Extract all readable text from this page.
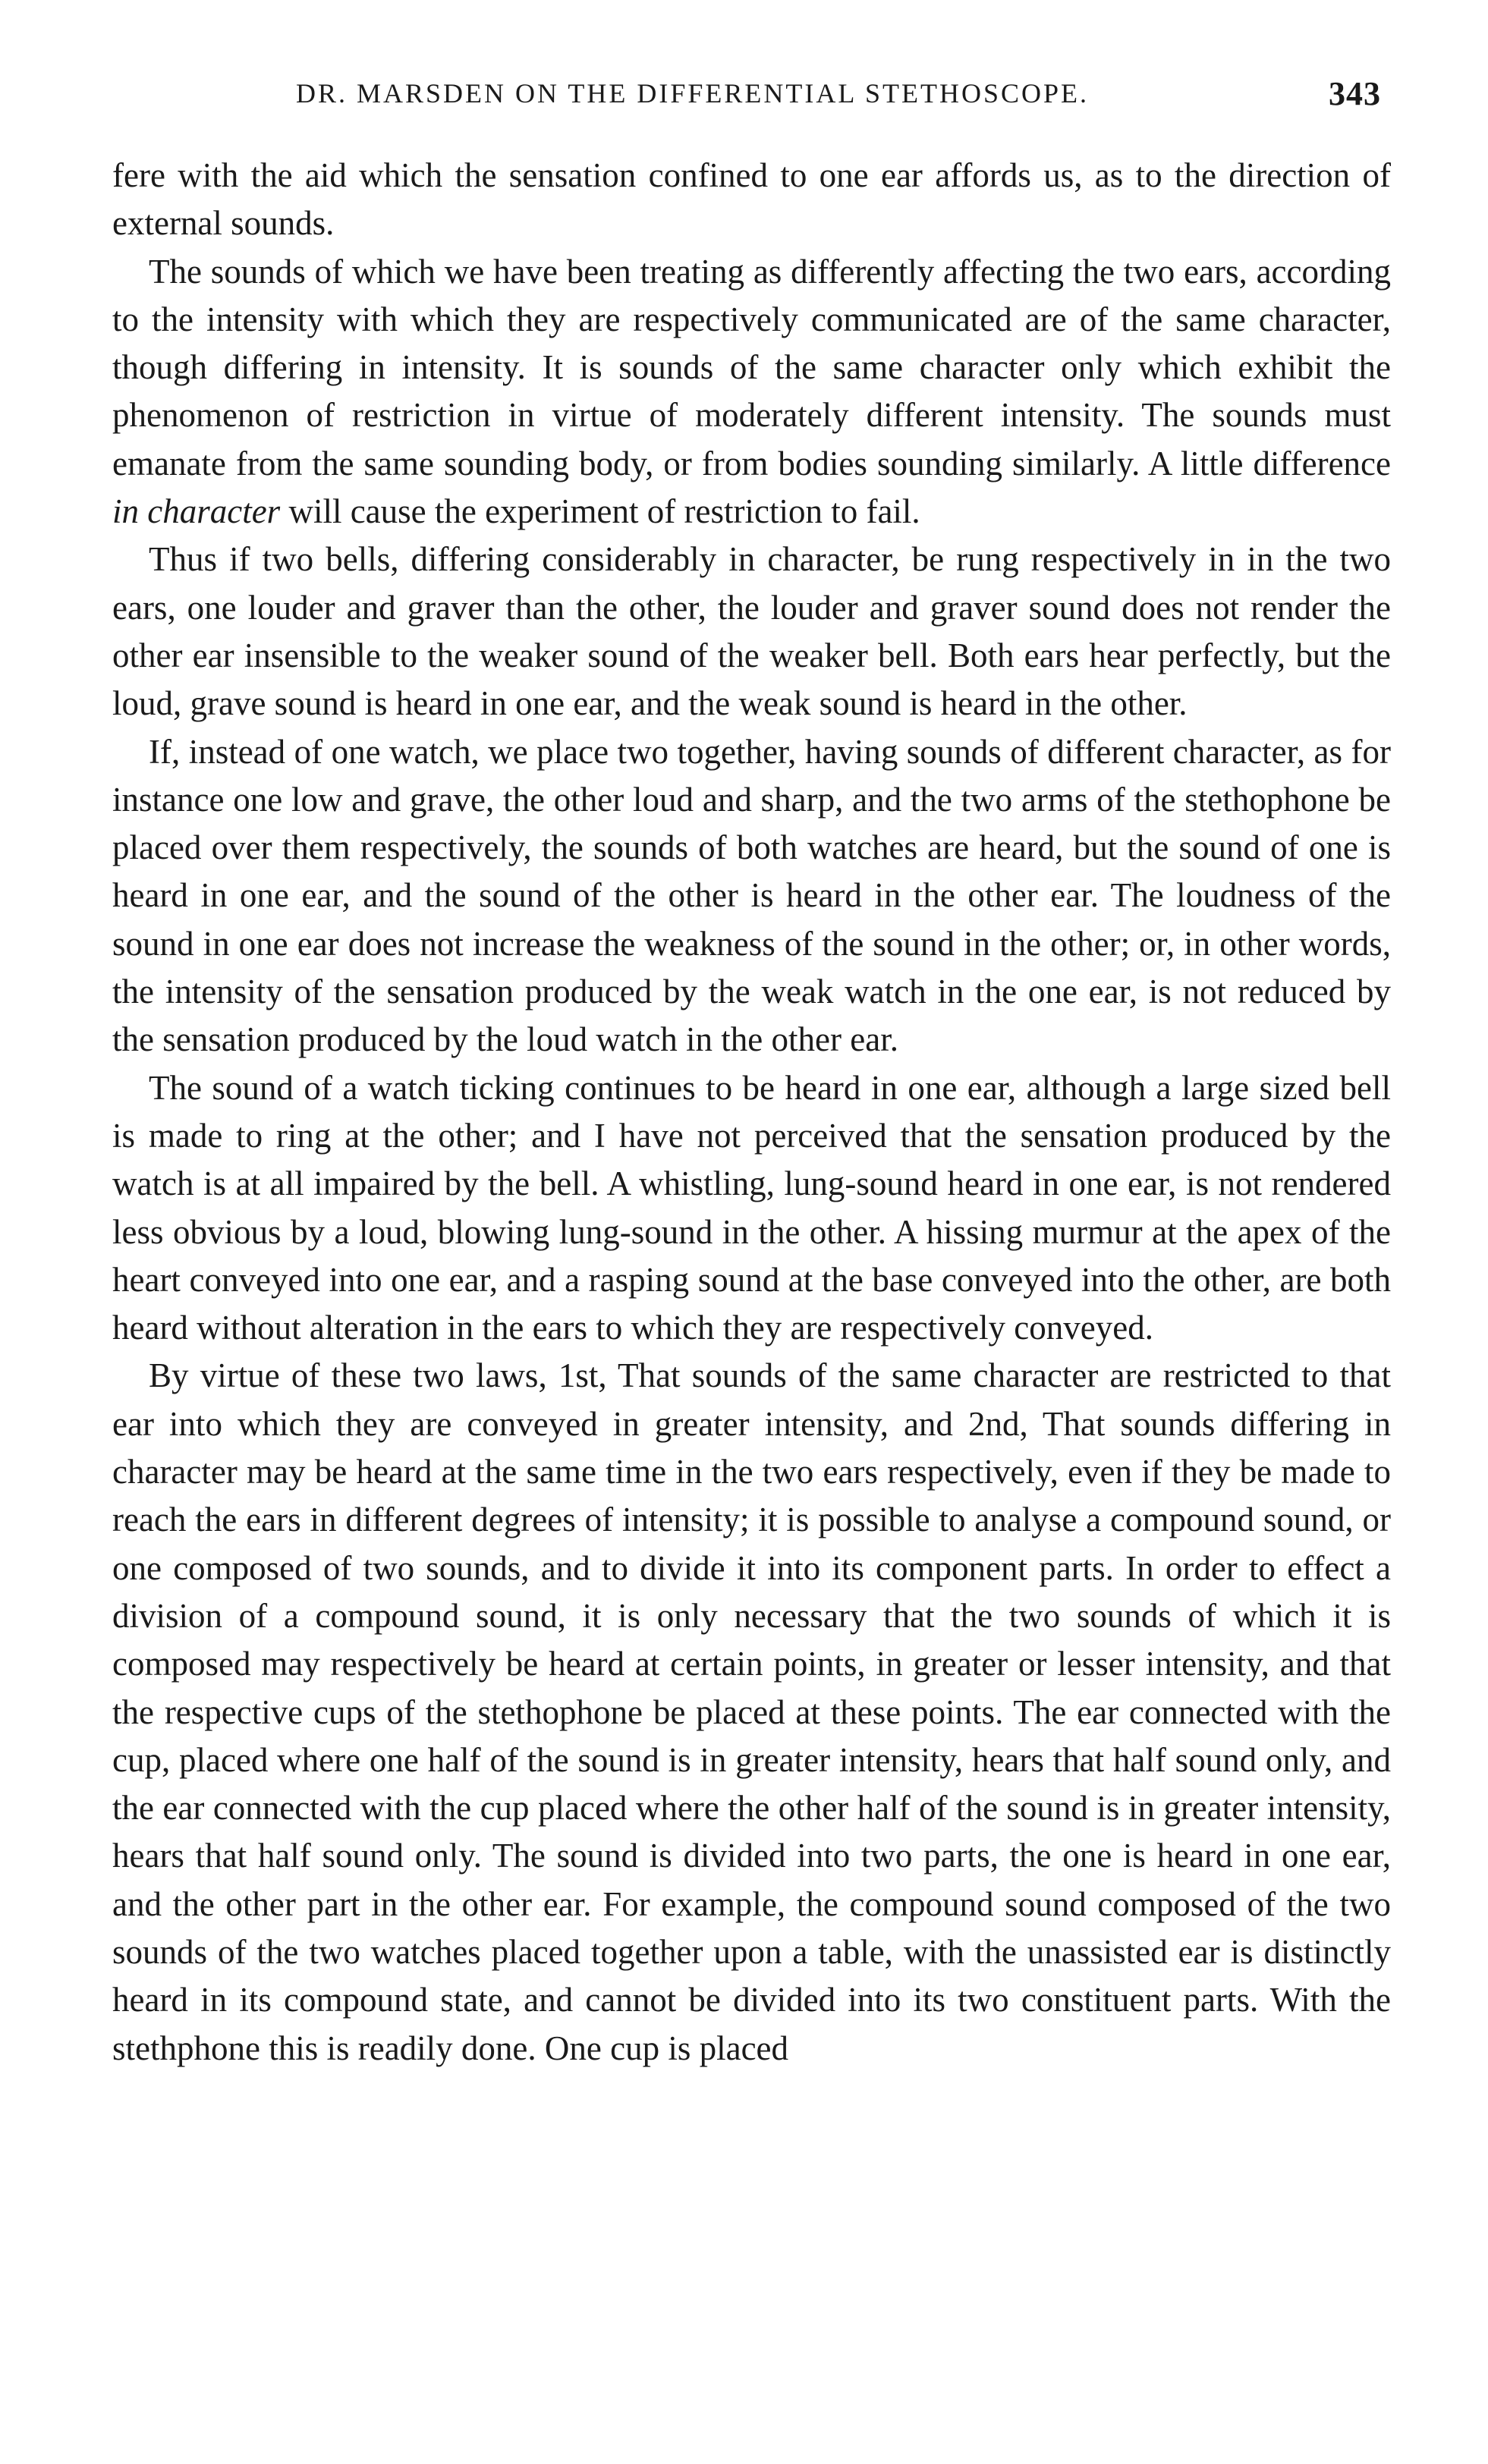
DR. MARSDEN ON THE DIFFERENTIAL STETHOSCOPE.	343

fere with the aid which the sensation confined to one ear affords us, as to the direction of external sounds.

The sounds of which we have been treating as differently affecting the two ears, according to the intensity with which they are respectively communicated are of the same character, though differing in intensity. It is sounds of the same character only which exhibit the phenomenon of restriction in virtue of moderately different intensity. The sounds must emanate from the same sounding body, or from bodies sounding similarly. A little difference in character will cause the experiment of restriction to fail.

Thus if two bells, differing considerably in character, be rung respectively in in the two ears, one louder and graver than the other, the louder and graver sound does not render the other ear insensible to the weaker sound of the weaker bell. Both ears hear perfectly, but the loud, grave sound is heard in one ear, and the weak sound is heard in the other.

If, instead of one watch, we place two together, having sounds of different character, as for instance one low and grave, the other loud and sharp, and the two arms of the stethophone be placed over them respectively, the sounds of both watches are heard, but the sound of one is heard in one ear, and the sound of the other is heard in the other ear. The loudness of the sound in one ear does not increase the weakness of the sound in the other; or, in other words, the intensity of the sensation produced by the weak watch in the one ear, is not reduced by the sensation produced by the loud watch in the other ear.

The sound of a watch ticking continues to be heard in one ear, although a large sized bell is made to ring at the other; and I have not perceived that the sensation produced by the watch is at all impaired by the bell. A whistling, lung-sound heard in one ear, is not rendered less obvious by a loud, blowing lung-sound in the other. A hissing murmur at the apex of the heart conveyed into one ear, and a rasping sound at the base conveyed into the other, are both heard without alteration in the ears to which they are respectively conveyed.

By virtue of these two laws, 1st, That sounds of the same character are restricted to that ear into which they are conveyed in greater intensity, and 2nd, That sounds differing in character may be heard at the same time in the two ears respectively, even if they be made to reach the ears in different degrees of intensity; it is possible to analyse a compound sound, or one composed of two sounds, and to divide it into its component parts. In order to effect a division of a compound sound, it is only necessary that the two sounds of which it is composed may respectively be heard at certain points, in greater or lesser intensity, and that the respective cups of the stethophone be placed at these points. The ear connected with the cup, placed where one half of the sound is in greater intensity, hears that half sound only, and the ear connected with the cup placed where the other half of the sound is in greater intensity, hears that half sound only. The sound is divided into two parts, the one is heard in one ear, and the other part in the other ear. For example, the compound sound composed of the two sounds of the two watches placed together upon a table, with the unassisted ear is distinctly heard in its compound state, and cannot be divided into its two constituent parts. With the stethphone this is readily done. One cup is placed
